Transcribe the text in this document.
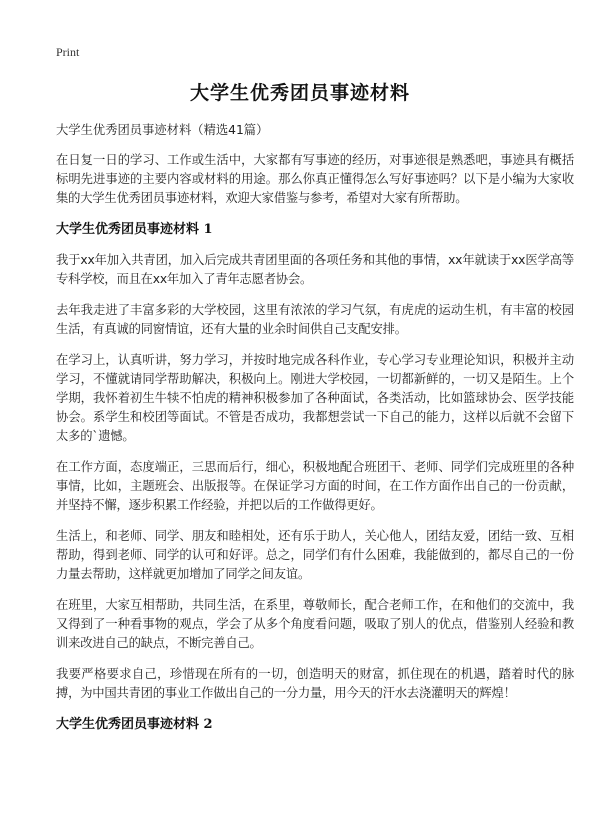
Print
大学生优秀团员事迹材料

大学生优秀团员事迹材料（精选41篇）

在日复一日的学习、工作或生活中，大家都有写事迹的经历，对事迹很是熟悉吧，事迹具有概括标明先进事迹的主要内容或材料的用途。那么你真正懂得怎么写好事迹吗？以下是小编为大家收集的大学生优秀团员事迹材料，欢迎大家借鉴与参考，希望对大家有所帮助。

大学生优秀团员事迹材料 1

我于xx年加入共青团，加入后完成共青团里面的各项任务和其他的事情，xx年就读于xx医学高等专科学校，而且在xx年加入了青年志愿者协会。

去年我走进了丰富多彩的大学校园，这里有浓浓的学习气氛，有虎虎的运动生机，有丰富的校园生活，有真诚的同窗情谊，还有大量的业余时间供自己支配安排。

在学习上，认真听讲，努力学习，并按时地完成各科作业，专心学习专业理论知识，积极并主动学习，不懂就请同学帮助解决，积极向上。刚进大学校园，一切都新鲜的，一切又是陌生。上个学期，我怀着初生牛犊不怕虎的精神积极参加了各种面试，各类活动，比如篮球协会、医学技能协会。系学生和校团等面试。不管是否成功，我都想尝试一下自己的能力，这样以后就不会留下太多的`遗憾。

在工作方面，态度端正，三思而后行，细心，积极地配合班团干、老师、同学们完成班里的各种事情，比如，主题班会、出版报等。在保证学习方面的时间，在工作方面作出自己的一份贡献，并坚持不懈，逐步积累工作经验，并把以后的工作做得更好。

生活上，和老师、同学、朋友和睦相处，还有乐于助人，关心他人，团结友爱，团结一致、互相帮助，得到老师、同学的认可和好评。总之，同学们有什么困难，我能做到的，都尽自己的一份力量去帮助，这样就更加增加了同学之间友谊。

在班里，大家互相帮助，共同生活，在系里，尊敬师长，配合老师工作，在和他们的交流中，我又得到了一种看事物的观点，学会了从多个角度看问题，吸取了别人的优点，借鉴别人经验和教训来改进自己的缺点，不断完善自己。

我要严格要求自己，珍惜现在所有的一切，创造明天的财富，抓住现在的机遇，踏着时代的脉搏，为中国共青团的事业工作做出自己的一分力量，用今天的汗水去浇灌明天的辉煌！

大学生优秀团员事迹材料 2
